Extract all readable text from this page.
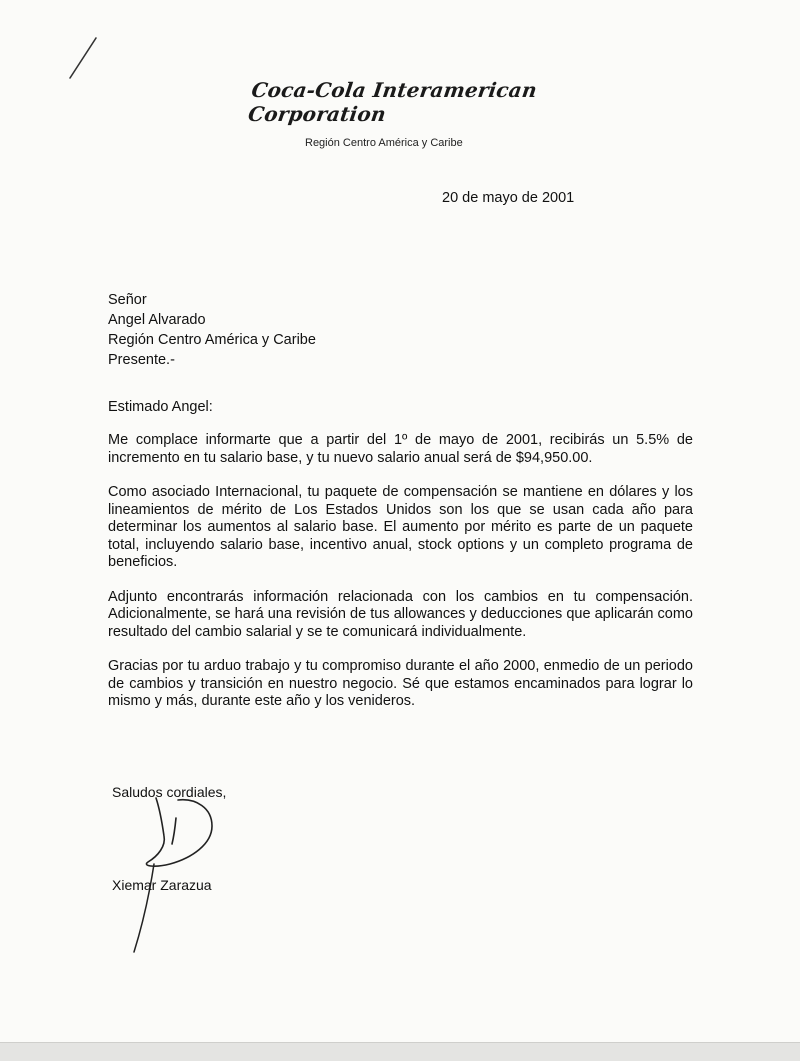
Coca-Cola Interamerican Corporation
Región Centro América y Caribe
20 de mayo de 2001
Señor
Angel Alvarado
Región Centro América y Caribe
Presente.-
Estimado Angel:

Me complace informarte que a partir del 1º de mayo de 2001, recibirás un 5.5% de incremento en tu salario base, y tu nuevo salario anual será de $94,950.00.

Como asociado Internacional, tu paquete de compensación se mantiene en dólares y los lineamientos de mérito de Los Estados Unidos son los que se usan cada año para determinar los aumentos al salario base. El aumento por mérito es parte de un paquete total, incluyendo salario base, incentivo anual, stock options y un completo programa de beneficios.

Adjunto encontrarás información relacionada con los cambios en tu compensación. Adicionalmente, se hará una revisión de tus allowances y deducciones que aplicarán como resultado del cambio salarial y se te comunicará individualmente.

Gracias por tu arduo trabajo y tu compromiso durante el año 2000, enmedio de un periodo de cambios y transición en nuestro negocio. Sé que estamos encaminados para lograr lo mismo y más, durante este año y los venideros.

Saludos cordiales,
Xiemar Zarazua
